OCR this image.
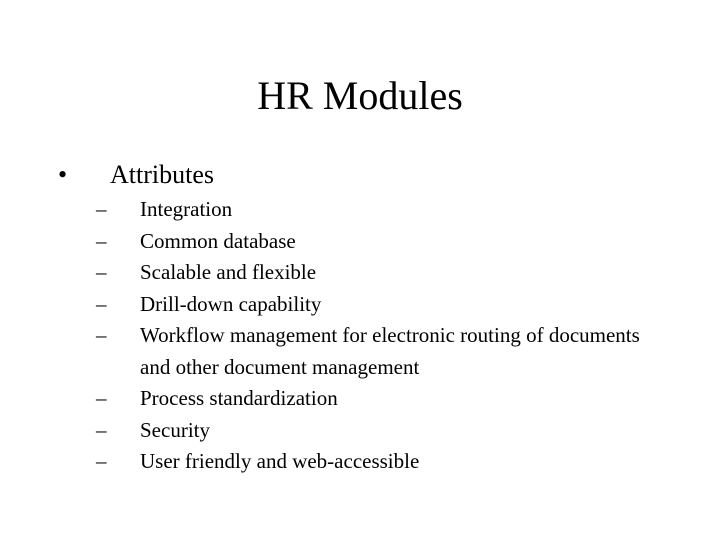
HR Modules
•	Attributes
–	Integration
–	Common database
–	Scalable and flexible
–	Drill-down capability
–	Workflow management for electronic routing of documents and other document management
–	Process standardization
–	Security
–	User friendly and web-accessible
